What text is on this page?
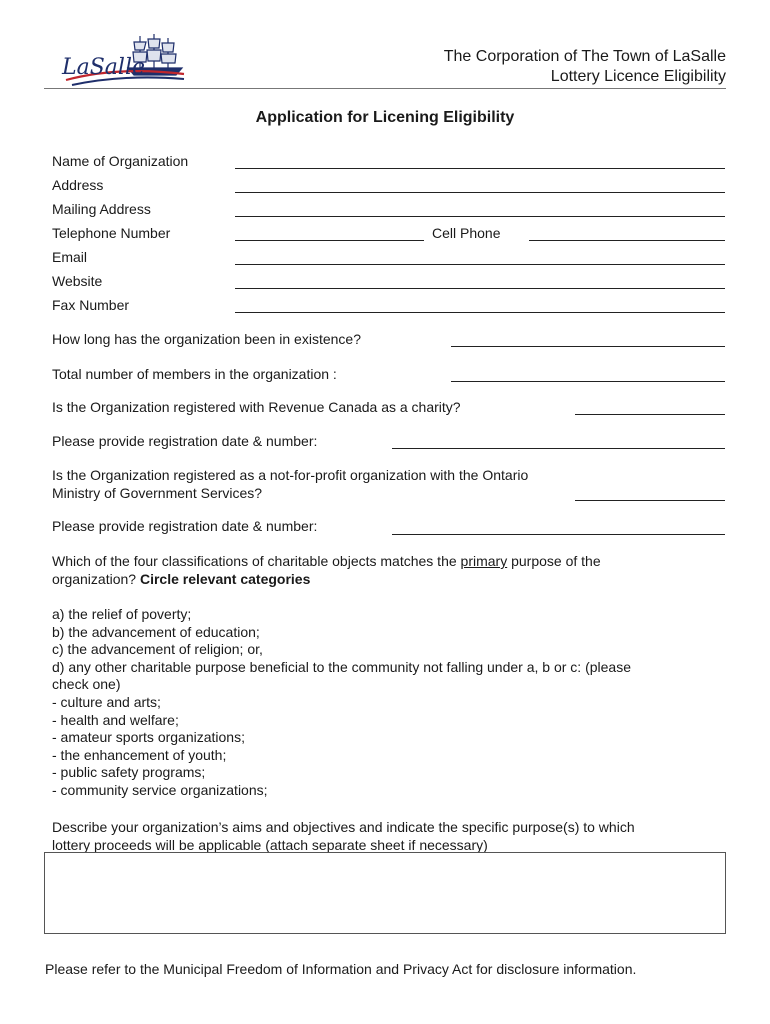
LaSalle	The Corporation of The Town of LaSalle
Lottery Licence Eligibility
Application for Licening Eligibility
Name of Organization
Address
Mailing Address
Telephone Number	Cell Phone
Email
Website
Fax Number
How long has the organization been in existence?
Total number of members in the organization :
Is the Organization registered with Revenue Canada as a charity?
Please provide registration date & number:
Is the Organization registered as a not-for-profit organization with the Ontario
Ministry of Government Services?
Please provide registration date & number:
Which of the four classifications of charitable objects matches the primary purpose of the
organization? Circle relevant categories
a) the relief of poverty;
b) the advancement of education;
c) the advancement of religion; or,
d) any other charitable purpose beneficial to the community not falling under a, b or c: (please
check one)
- culture and arts;
- health and welfare;
- amateur sports organizations;
- the enhancement of youth;
- public safety programs;
- community service organizations;
Describe your organization’s aims and objectives and indicate the specific purpose(s) to which
lottery proceeds will be applicable (attach separate sheet if necessary)
Please refer to the Municipal Freedom of Information and Privacy Act for disclosure information.
